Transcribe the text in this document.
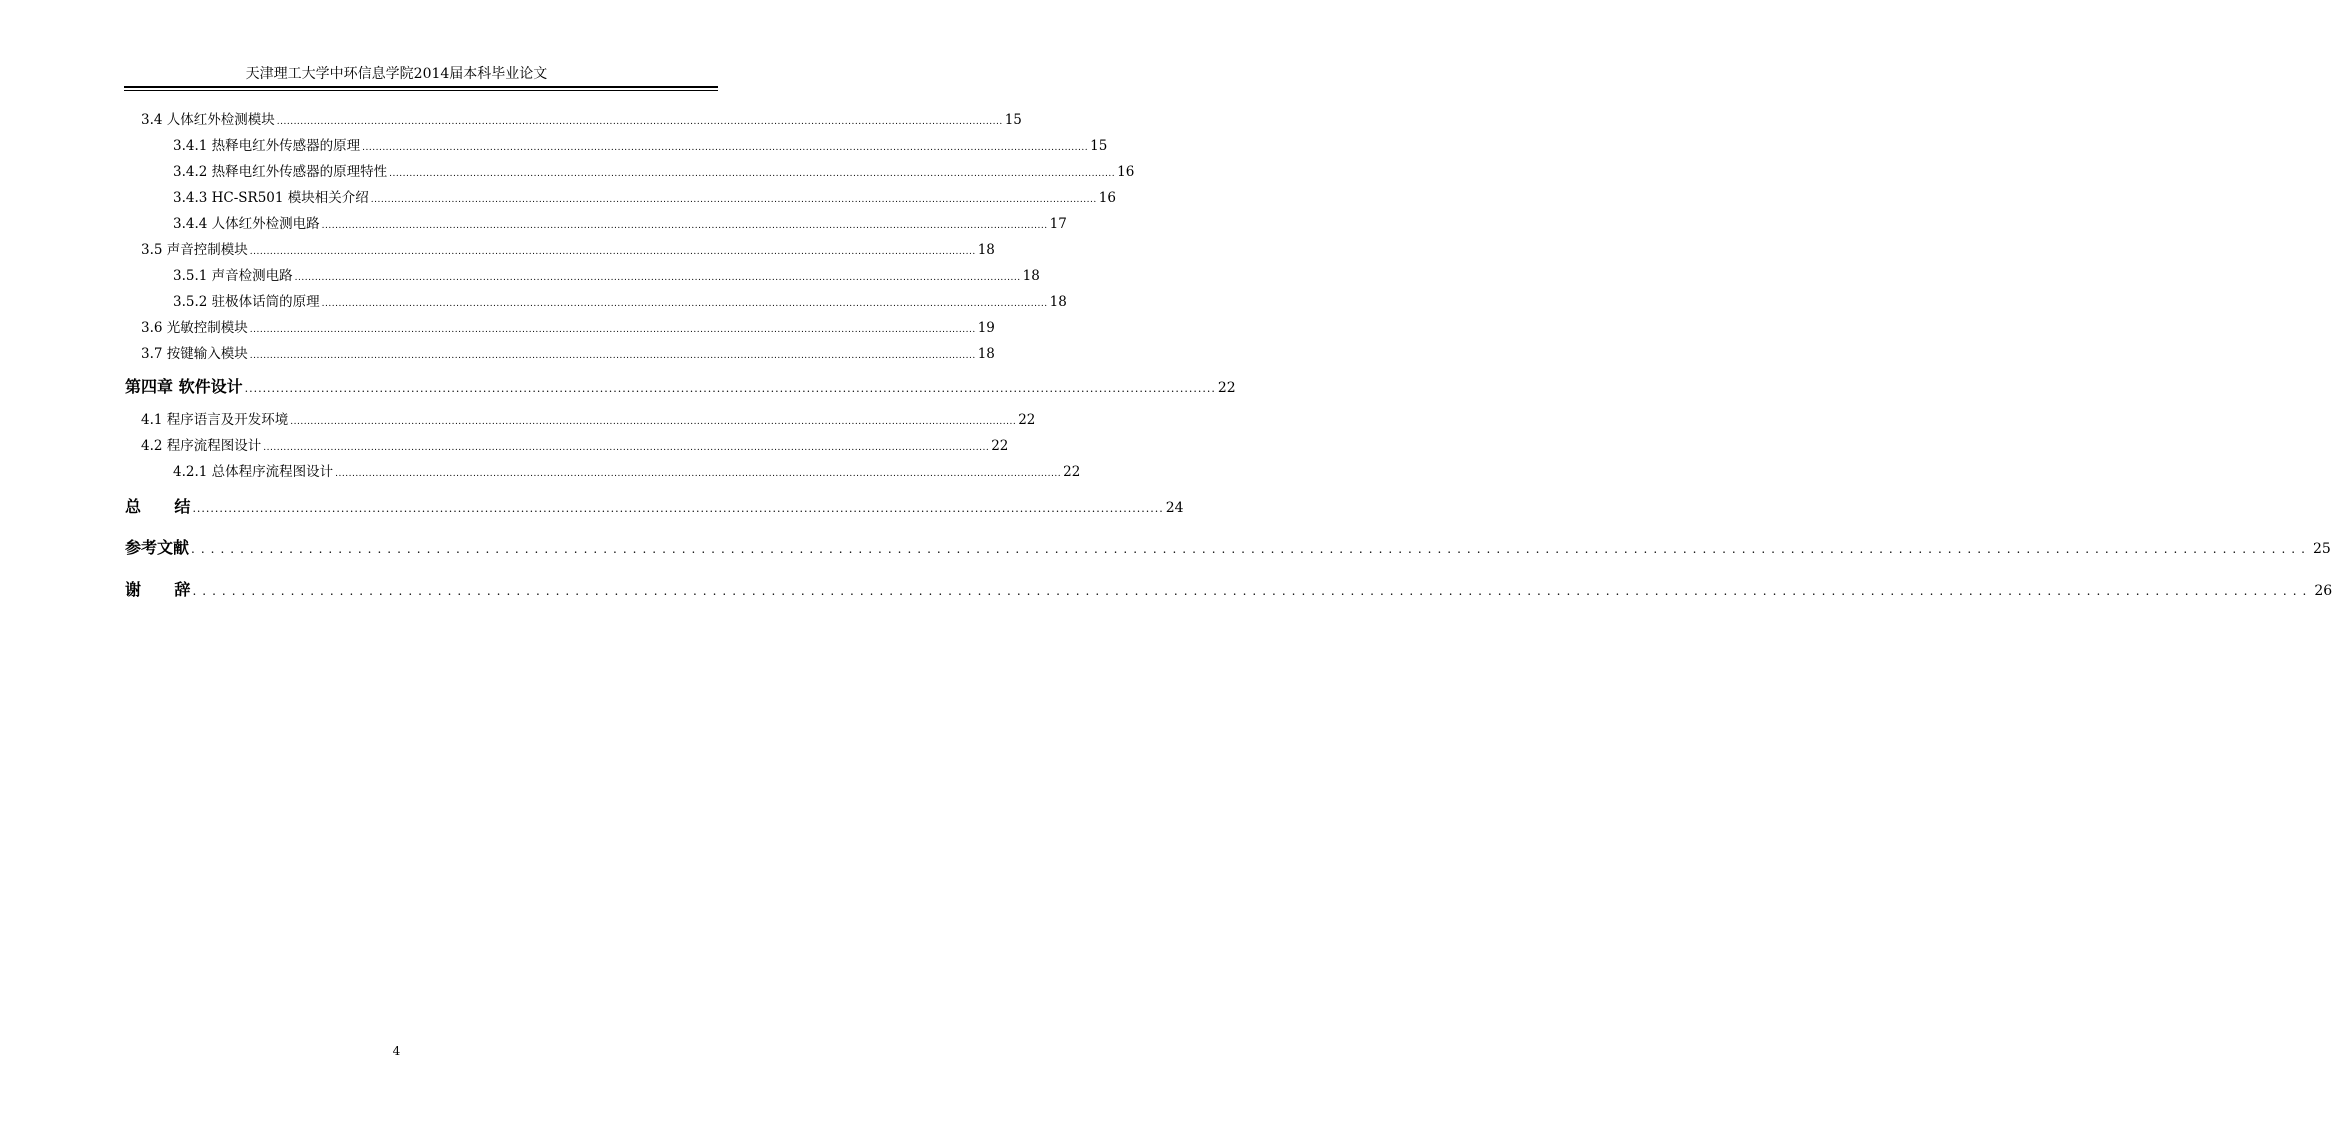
天津理工大学中环信息学院2014届本科毕业论文
3.4 人体红外检测模块 ........................................................................................................................................................................................................................ 15
3.4.1 热释电红外传感器的原理 ........................................................................................................................................................................................................................ 15
3.4.2 热释电红外传感器的原理特性 ........................................................................................................................................................................................................................ 16
3.4.3 HC-SR501 模块相关介绍 ........................................................................................................................................................................................................................ 16
3.4.4 人体红外检测电路 ........................................................................................................................................................................................................................ 17
3.5 声音控制模块 ........................................................................................................................................................................................................................ 18
3.5.1 声音检测电路 ........................................................................................................................................................................................................................ 18
3.5.2 驻极体话筒的原理 ........................................................................................................................................................................................................................ 18
3.6 光敏控制模块 ........................................................................................................................................................................................................................ 19
3.7 按键输入模块 ........................................................................................................................................................................................................................ 18
第四章 软件设计 ........................................................................................................................................................................................................................ 22
4.1 程序语言及开发环境 ........................................................................................................................................................................................................................ 22
4.2 程序流程图设计 ........................................................................................................................................................................................................................ 22
4.2.1 总体程序流程图设计 ........................................................................................................................................................................................................................ 22
总      结 ........................................................................................................................................................................................................................ 24
参考文献 ........................................................................................................................................................................................................................ 25
谢      辞 ........................................................................................................................................................................................................................ 26
4
